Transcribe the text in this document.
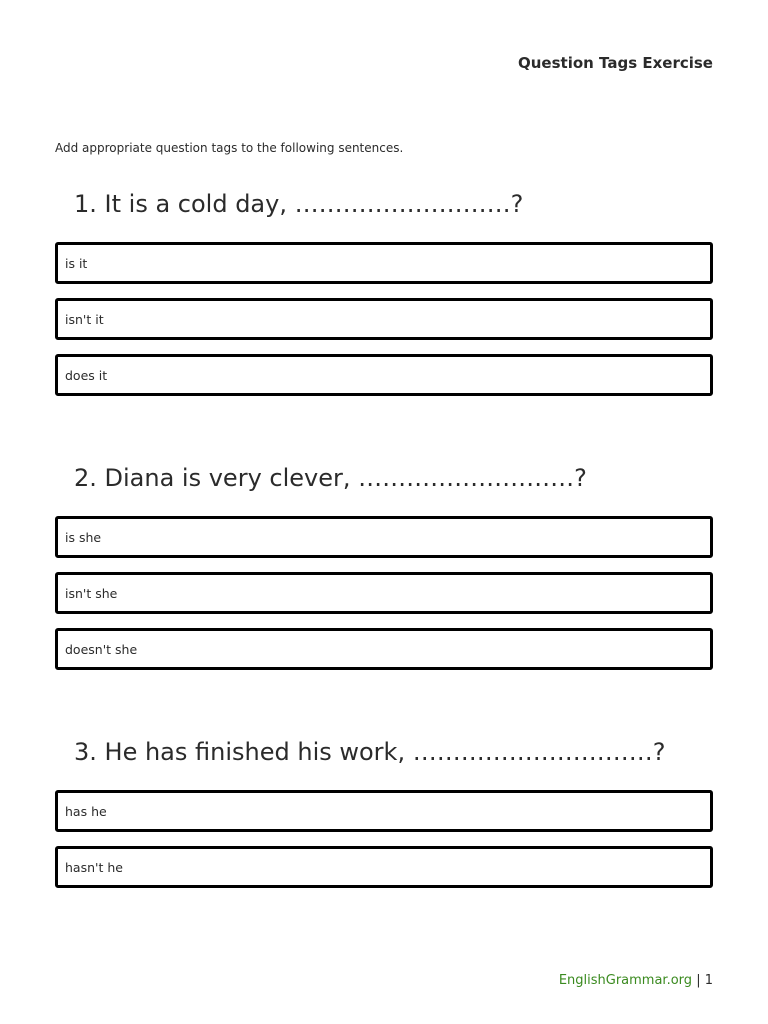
Question Tags Exercise
Add appropriate question tags to the following sentences.
1. It is a cold day, ………………………?
is it
isn't it
does it
2. Diana is very clever, ………………………?
is she
isn't she
doesn't she
3. He has finished his work, …………………………?
has he
hasn't he
EnglishGrammar.org | 1
